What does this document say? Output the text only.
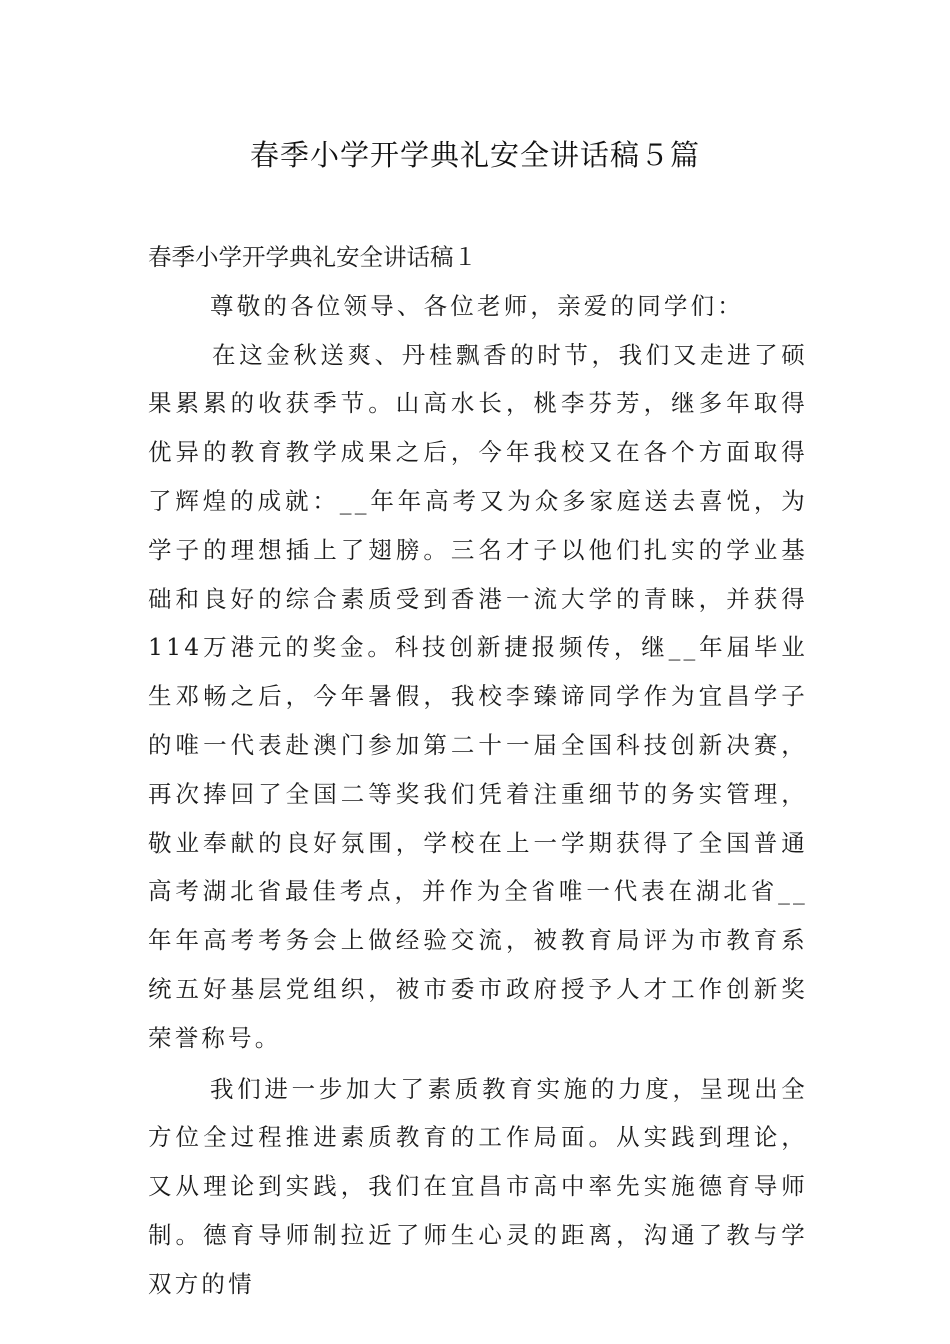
春季小学开学典礼安全讲话稿５篇
春季小学开学典礼安全讲话稿１

尊敬的各位领导、各位老师，亲爱的同学们：

在这金秋送爽、丹桂飘香的时节，我们又走进了硕果累累的收获季节。山高水长，桃李芬芳，继多年取得优异的教育教学成果之后，今年我校又在各个方面取得了辉煌的成就：__年年高考又为众多家庭送去喜悦，为学子的理想插上了翅膀。三名才子以他们扎实的学业基础和良好的综合素质受到香港一流大学的青睐，并获得114万港元的奖金。科技创新捷报频传，继__年届毕业生邓畅之后，今年暑假，我校李臻谛同学作为宜昌学子的唯一代表赴澳门参加第二十一届全国科技创新决赛，再次捧回了全国二等奖我们凭着注重细节的务实管理，敬业奉献的良好氛围，学校在上一学期获得了全国普通高考湖北省最佳考点，并作为全省唯一代表在湖北省__年年高考考务会上做经验交流，被教育局评为市教育系统五好基层党组织，被市委市政府授予人才工作创新奖荣誉称号。

我们进一步加大了素质教育实施的力度，呈现出全方位全过程推进素质教育的工作局面。从实践到理论，又从理论到实践，我们在宜昌市高中率先实施德育导师制。德育导师制拉近了师生心灵的距离，沟通了教与学双方的情
